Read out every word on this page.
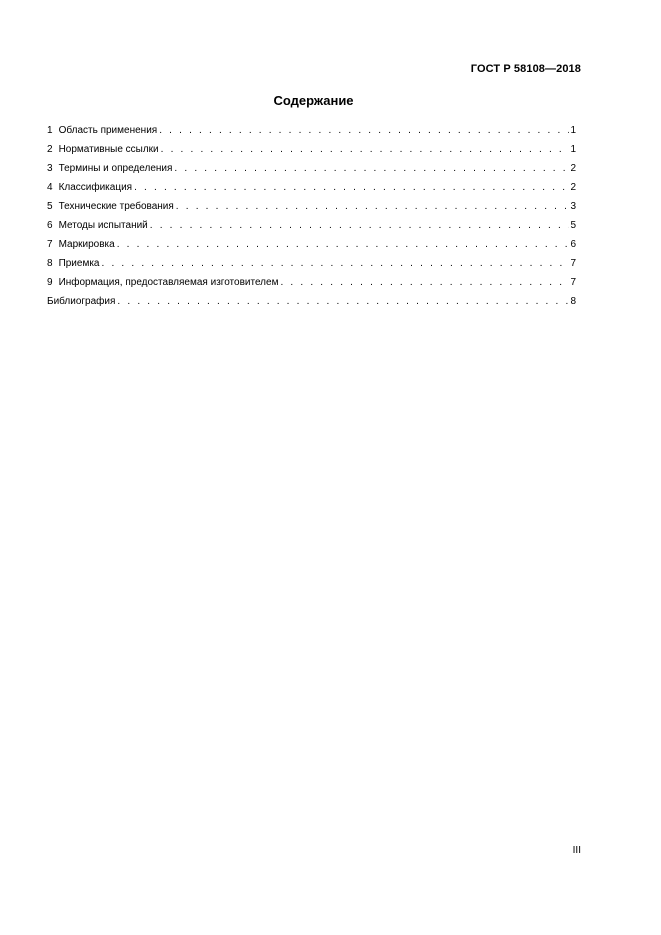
ГОСТ Р 58108—2018
Содержание
1 Область применения . . .	1
2 Нормативные ссылки . . .	1
3 Термины и определения . . .	2
4 Классификация . . .	2
5 Технические требования . . .	3
6 Методы испытаний . . .	5
7 Маркировка . . .	6
8 Приемка . . .	7
9 Информация, предоставляемая изготовителем . . .	7
Библиография . . .	8
III
